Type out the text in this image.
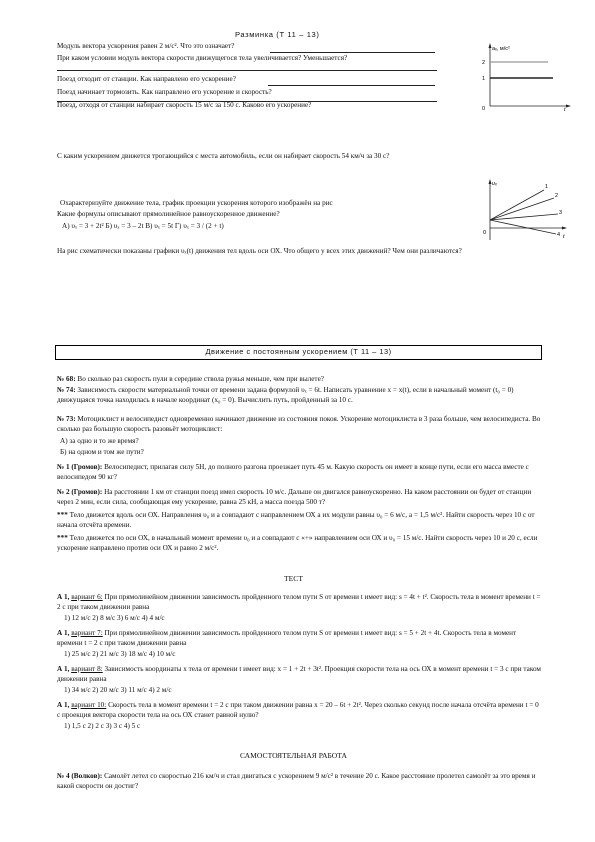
Разминка (Т 11 – 13)
Модуль вектора ускорения равен 2 м/с². Что это означает?
При каком условии модуль вектора скорости движущегося тела увеличивается? Уменьшается?
Поезд отходит от станции. Как направлено его ускорение?
Поезд начинает тормозить. Как направлено его ускорение и скорость?
Поезд, отходя от станции набирает скорость 15 м/с за 150 с. Каково его ускорение?
aₓ, м/с²
2
1
0	t
С каким ускорением движется трогающийся с места автомобиль, если он набирает скорость 54 км/ч за 30 с?
Охарактеризуйте движение тела, график проекции ускорения которого изображён на рис
Какие формулы описывают прямолинейное равноускоренное движение?
А) υₓ = 3 + 2t² Б) υₓ = 3 – 2t В) υₓ = 5t Г) υₓ = 3 / (2 + t)
υₓ
0
t
1
2
3
4
На рис схематически показаны графики υₓ(t) движения тел вдоль оси ОХ. Что общего у всех этих движений? Чем они различаются?
Движение с постоянным ускорением (Т 11 – 13)
№ 68: Во сколько раз скорость пули в середине ствола ружья меньше, чем при вылете?
№ 74: Зависимость скорости материальной точки от времени задана формулой υₓ = 6t. Написать уравнение x = x(t), если в начальный момент (t₀ = 0) движущаяся точка находилась в начале координат (x₀ = 0). Вычислить путь, пройденный за 10 с.
№ 73: Мотоциклист и велосипедист одновременно начинают движение из состояния покоя. Ускорение мотоциклиста в 3 раза больше, чем велосипедиста. Во сколько раз большую скорость разовьёт мотоциклист:
А) за одно и то же время?
Б) на одном и том же пути?
№ 1 (Громов): Велосипедист, прилагая силу 5Н, до полного разгона проезжает путь 45 м. Какую скорость он имеет в конце пути, если его масса вместе с велосипедом 90 кг?
№ 2 (Громов): На расстоянии 1 км от станции поезд имел скорость 10 м/с. Дальше он двигался равноускоренно. На каком расстоянии он будет от станции через 2 мин, если сила, сообщающая ему ускорение, равна 25 кН, а масса поезда 500 т?
*** Тело движется вдоль оси ОХ. Направления υ₀ и a совпадают с направлением ОХ а их модули равны υ₀ = 6 м/с, a = 1,5 м/с². Найти скорость через 10 с от начала отсчёта времени.
*** Тело движется по оси ОХ, в начальный момент времени υ₀ и a совпадают с «+» направлением оси ОХ и υ₀ = 15 м/с. Найти скорость через 10 и 20 с, если ускорение направлено против оси ОХ и равно 2 м/с².
ТЕСТ
А 1, вариант 6: При прямолинейном движении зависимость пройденного телом пути S от времени t имеет вид: s = 4t + t². Скорость тела в момент времени t = 2 с при таком движении равна
1) 12 м/с 2) 8 м/с 3) 6 м/с 4) 4 м/с
А 1, вариант 7: При прямолинейном движении зависимость пройденного телом пути S от времени t имеет вид: s = 5 + 2t + 4t. Скорость тела в момент времени t = 2 с при таком движении равна
1) 25 м/с 2) 21 м/с 3) 18 м/с 4) 10 м/с
А 1, вариант 8: Зависимость координаты x тела от времени t имеет вид: x = 1 + 2t + 3t². Проекция скорости тела на ось ОХ в момент времени t = 3 с при таком движении равна
1) 34 м/с 2) 20 м/с 3) 11 м/с 4) 2 м/с
А 1, вариант 10: Скорость тела в момент времени t = 2 с при таком движении равна x = 20 – 6t + 2t². Через сколько секунд после начала отсчёта времени t = 0 с проекция вектора скорости тела на ось ОХ станет равной нулю?
1) 1,5 с 2) 2 с 3) 3 с 4) 5 с
САМОСТОЯТЕЛЬНАЯ РАБОТА
№ 4 (Волков): Самолёт летел со скоростью 216 км/ч и стал двигаться с ускорением 9 м/с² в течение 20 с. Какое расстояние пролетел самолёт за это время и какой скорости он достиг?
